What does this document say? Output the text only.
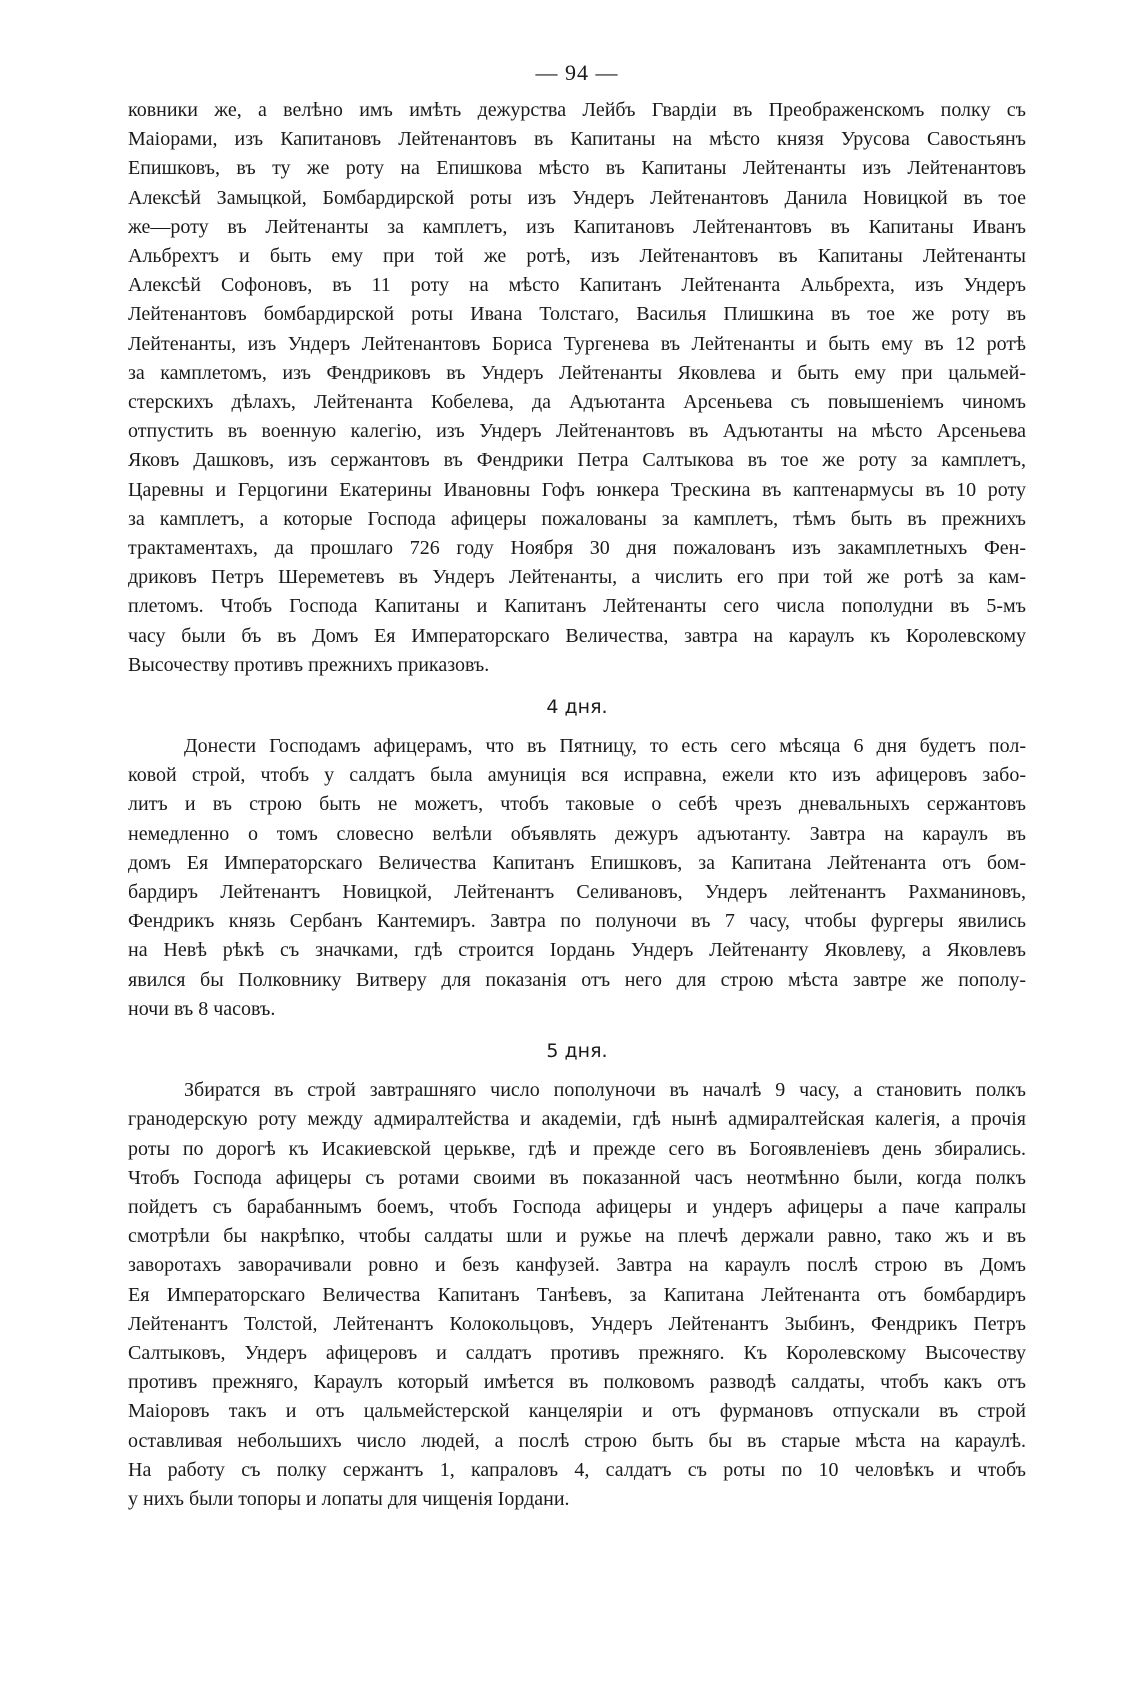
— 94 —

ковники же, а велѣно имъ имѣть дежурства Лейбъ Гвардіи въ Преображенскомъ полку съ
Маіорами, изъ Капитановъ Лейтенантовъ въ Капитаны на мѣсто князя Урусова Савостьянъ
Епишковъ, въ ту же роту на Епишкова мѣсто въ Капитаны Лейтенанты изъ Лейтенантовъ
Алексѣй Замыцкой, Бомбардирской роты изъ Ундеръ Лейтенантовъ Данила Новицкой въ тое
же—роту въ Лейтенанты за камплетъ, изъ Капитановъ Лейтенантовъ въ Капитаны Иванъ
Альбрехтъ и быть ему при той же ротѣ, изъ Лейтенантовъ въ Капитаны Лейтенанты
Алексѣй Софоновъ, въ 11 роту на мѣсто Капитанъ Лейтенанта Альбрехта, изъ Ундеръ
Лейтенантовъ бомбардирской роты Ивана Толстаго, Василья Плишкина въ тое же роту въ
Лейтенанты, изъ Ундеръ Лейтенантовъ Бориса Тургенева въ Лейтенанты и быть ему въ 12 ротѣ
за камплетомъ, изъ Фендриковъ въ Ундеръ Лейтенанты Яковлева и быть ему при цальмей-
стерскихъ дѣлахъ, Лейтенанта Кобелева, да Адъютанта Арсеньева съ повышеніемъ чиномъ
отпустить въ военную калегію, изъ Ундеръ Лейтенантовъ въ Адъютанты на мѣсто Арсеньева
Яковъ Дашковъ, изъ сержантовъ въ Фендрики Петра Салтыкова въ тое же роту за камплетъ,
Царевны и Герцогини Екатерины Ивановны Гофъ юнкера Трескина въ каптенармусы въ 10 роту
за камплетъ, а которые Господа афицеры пожалованы за камплетъ, тѣмъ быть въ прежнихъ
трактаментахъ, да прошлаго 726 году Ноября 30 дня пожалованъ изъ закамплетныхъ Фен-
дриковъ Петръ Шереметевъ въ Ундеръ Лейтенанты, а числить его при той же ротѣ за кам-
плетомъ. Чтобъ Господа Капитаны и Капитанъ Лейтенанты сего числа пополудни въ 5-мъ
часу были бъ въ Домъ Ея Императорскаго Величества, завтра на караулъ къ Королевскому
Высочеству противъ прежнихъ приказовъ.

4 дня.

Донести Господамъ афицерамъ, что въ Пятницу, то есть сего мѣсяца 6 дня будетъ пол-
ковой строй, чтобъ у салдатъ была амуниція вся исправна, ежели кто изъ афицеровъ забо-
литъ и въ строю быть не можетъ, чтобъ таковые о себѣ чрезъ дневальныхъ сержантовъ
немедленно о томъ словесно велѣли объявлять дежуръ адъютанту. Завтра на караулъ въ
домъ Ея Императорскаго Величества Капитанъ Епишковъ, за Капитана Лейтенанта отъ бом-
бардиръ Лейтенантъ Новицкой, Лейтенантъ Селивановъ, Ундеръ лейтенантъ Рахманиновъ,
Фендрикъ князь Сербанъ Кантемиръ. Завтра по полуночи въ 7 часу, чтобы фургеры явились
на Невѣ рѣкѣ съ значками, гдѣ строится Іордань Ундеръ Лейтенанту Яковлеву, а Яковлевъ
явился бы Полковнику Витверу для показанія отъ него для строю мѣста завтре же пополу-
ночи въ 8 часовъ.

5 дня.

Збиратся въ строй завтрашняго число пополуночи въ началѣ 9 часу, а становить полкъ
гранодерскую роту между адмиралтейства и академіи, гдѣ нынѣ адмиралтейская калегія, а прочія
роты по дорогѣ къ Исакиевской церькве, гдѣ и прежде сего въ Богоявленіевъ день збирались.
Чтобъ Господа афицеры съ ротами своими въ показанной часъ неотмѣнно были, когда полкъ
пойдетъ съ барабаннымъ боемъ, чтобъ Господа афицеры и ундеръ афицеры а паче капралы
смотрѣли бы накрѣпко, чтобы салдаты шли и ружье на плечѣ держали равно, тако жъ и въ
заворотахъ заворачивали ровно и безъ канфузей. Завтра на караулъ послѣ строю въ Домъ
Ея Императорскаго Величества Капитанъ Танѣевъ, за Капитана Лейтенанта отъ бомбардиръ
Лейтенантъ Толстой, Лейтенантъ Колокольцовъ, Ундеръ Лейтенантъ Зыбинъ, Фендрикъ Петръ
Салтыковъ, Ундеръ афицеровъ и салдатъ противъ прежняго. Къ Королевскому Высочеству
противъ прежняго, Караулъ который имѣется въ полковомъ разводѣ салдаты, чтобъ какъ отъ
Маіоровъ такъ и отъ цальмейстерской канцеляріи и отъ фурмановъ отпускали въ строй
оставливая небольшихъ число людей, а послѣ строю быть бы въ старые мѣста на караулѣ.
На работу съ полку сержантъ 1, капраловъ 4, салдатъ съ роты по 10 человѣкъ и чтобъ
у нихъ были топоры и лопаты для чищенія Іордани.
